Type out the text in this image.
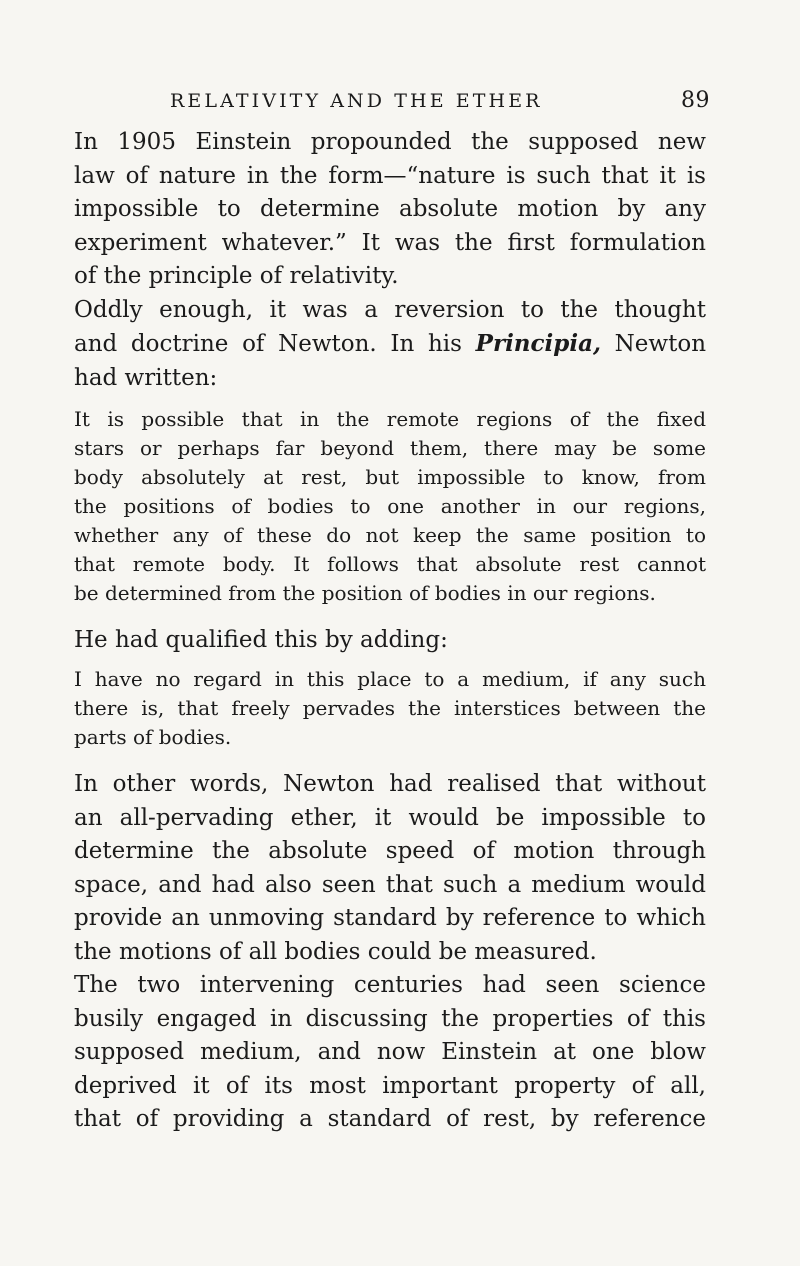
RELATIVITY AND THE ETHER	89

In 1905 Einstein propounded the supposed new
law of nature in the form—“nature is such that it is
impossible to determine absolute motion by any
experiment whatever.” It was the first formulation
of the principle of relativity.

Oddly enough, it was a reversion to the thought
and doctrine of Newton. In his Principia, Newton
had written:

It is possible that in the remote regions of the fixed
stars or perhaps far beyond them, there may be some
body absolutely at rest, but impossible to know, from
the positions of bodies to one another in our regions,
whether any of these do not keep the same position to
that remote body. It follows that absolute rest cannot
be determined from the position of bodies in our regions.

He had qualified this by adding:

I have no regard in this place to a medium, if any such
there is, that freely pervades the interstices between the
parts of bodies.

In other words, Newton had realised that without
an all-pervading ether, it would be impossible to
determine the absolute speed of motion through
space, and had also seen that such a medium would
provide an unmoving standard by reference to which
the motions of all bodies could be measured.

The two intervening centuries had seen science
busily engaged in discussing the properties of this
supposed medium, and now Einstein at one blow
deprived it of its most important property of all,
that of providing a standard of rest, by reference
